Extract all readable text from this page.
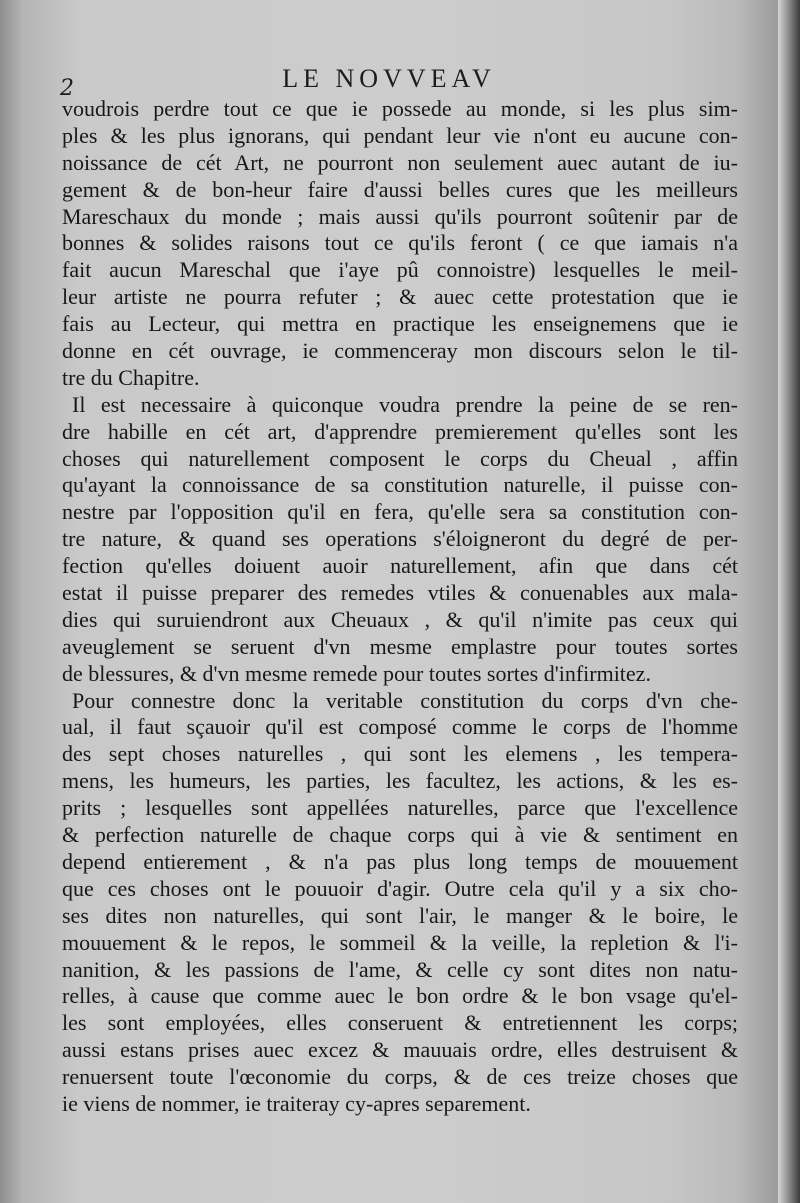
2	LE NOVVEAV
voudrois perdre tout ce que ie possede au monde, si les plus sim-
ples & les plus ignorans, qui pendant leur vie n'ont eu aucune con-
noissance de cét Art, ne pourront non seulement auec autant de iu-
gement & de bon-heur faire d'aussi belles cures que les meilleurs
Mareschaux du monde ; mais aussi qu'ils pourront soûtenir par de
bonnes & solides raisons tout ce qu'ils feront ( ce que iamais n'a
fait aucun Mareschal que i'aye pû connoistre) lesquelles le meil-
leur artiste ne pourra refuter ; & auec cette protestation que ie
fais au Lecteur, qui mettra en practique les enseignemens que ie
donne en cét ouvrage, ie commenceray mon discours selon le til-
tre du Chapitre.
Il est necessaire à quiconque voudra prendre la peine de se ren-
dre habille en cét art, d'apprendre premierement qu'elles sont les
choses qui naturellement composent le corps du Cheual , affin
qu'ayant la connoissance de sa constitution naturelle, il puisse con-
nestre par l'opposition qu'il en fera, qu'elle sera sa constitution con-
tre nature, & quand ses operations s'éloigneront du degré de per-
fection qu'elles doiuent auoir naturellement, afin que dans cét
estat il puisse preparer des remedes vtiles & conuenables aux mala-
dies qui suruiendront aux Cheuaux , & qu'il n'imite pas ceux qui
aveuglement se seruent d'vn mesme emplastre pour toutes sortes
de blessures, & d'vn mesme remede pour toutes sortes d'infirmitez.
Pour connestre donc la veritable constitution du corps d'vn che-
ual, il faut sçauoir qu'il est composé comme le corps de l'homme
des sept choses naturelles , qui sont les elemens , les tempera-
mens, les humeurs, les parties, les facultez, les actions, & les es-
prits ; lesquelles sont appellées naturelles, parce que l'excellence
& perfection naturelle de chaque corps qui à vie & sentiment en
depend entierement , & n'a pas plus long temps de mouuement
que ces choses ont le pouuoir d'agir. Outre cela qu'il y a six cho-
ses dites non naturelles, qui sont l'air, le manger & le boire, le
mouuement & le repos, le sommeil & la veille, la repletion & l'i-
nanition, & les passions de l'ame, & celle cy sont dites non natu-
relles, à cause que comme auec le bon ordre & le bon vsage qu'el-
les sont employées, elles conseruent & entretiennent les corps;
aussi estans prises auec excez & mauuais ordre, elles destruisent &
renuersent toute l'œconomie du corps, & de ces treize choses que
ie viens de nommer, ie traiteray cy-apres separement.
